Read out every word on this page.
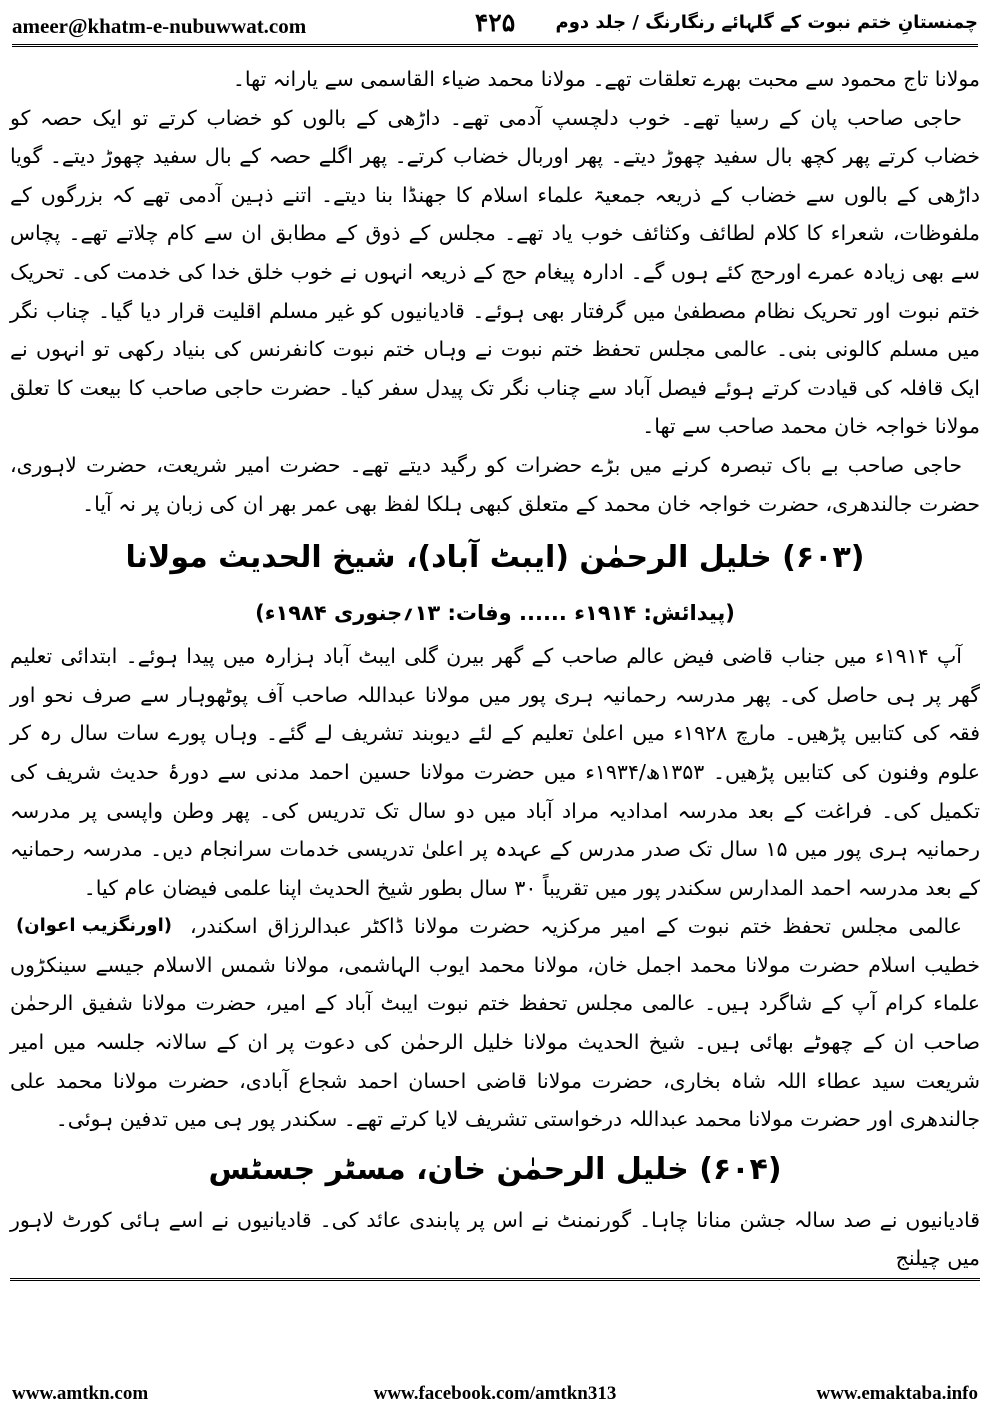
ameer@khatm-e-nubuwwat.com	۴۲۵	چمنستانِ ختم نبوت کے گلہائے رنگارنگ / جلد دوم

مولانا تاج محمود سے محبت بھرے تعلقات تھے۔ مولانا محمد ضیاء القاسمی سے یارانہ تھا۔

حاجی صاحب پان کے رسیا تھے۔ خوب دلچسپ آدمی تھے۔ داڑھی کے بالوں کو خضاب کرتے تو ایک حصہ کو خضاب کرتے پھر کچھ بال سفید چھوڑ دیتے۔ پھر اوربال خضاب کرتے۔ پھر اگلے حصہ کے بال سفید چھوڑ دیتے۔ گویا داڑھی کے بالوں سے خضاب کے ذریعہ جمعیۃ علماء اسلام کا جھنڈا بنا دیتے۔ اتنے ذہین آدمی تھے کہ بزرگوں کے ملفوظات، شعراء کا کلام لطائف وکثائف خوب یاد تھے۔ مجلس کے ذوق کے مطابق ان سے کام چلاتے تھے۔ پچاس سے بھی زیادہ عمرے اورحج کئے ہوں گے۔ ادارہ پیغام حج کے ذریعہ انہوں نے خوب خلق خدا کی خدمت کی۔ تحریک ختم نبوت اور تحریک نظام مصطفیٰ میں گرفتار بھی ہوئے۔ قادیانیوں کو غیر مسلم اقلیت قرار دیا گیا۔ چناب نگر میں مسلم کالونی بنی۔ عالمی مجلس تحفظ ختم نبوت نے وہاں ختم نبوت کانفرنس کی بنیاد رکھی تو انہوں نے ایک قافلہ کی قیادت کرتے ہوئے فیصل آباد سے چناب نگر تک پیدل سفر کیا۔ حضرت حاجی صاحب کا بیعت کا تعلق مولانا خواجہ خان محمد صاحب سے تھا۔

حاجی صاحب بے باک تبصرہ کرنے میں بڑے حضرات کو رگید دیتے تھے۔ حضرت امیر شریعت، حضرت لاہوری، حضرت جالندھری، حضرت خواجہ خان محمد کے متعلق کبھی ہلکا لفظ بھی عمر بھر ان کی زبان پر نہ آیا۔

(۶۰۳) خلیل الرحمٰن (ایبٹ آباد)، شیخ الحدیث مولانا
(پیدائش: ۱۹۱۴ء ...... وفات: ۱۳؍جنوری ۱۹۸۴ء)

آپ ۱۹۱۴ء میں جناب قاضی فیض عالم صاحب کے گھر بیرن گلی ایبٹ آباد ہزارہ میں پیدا ہوئے۔ ابتدائی تعلیم گھر پر ہی حاصل کی۔ پھر مدرسہ رحمانیہ ہری پور میں مولانا عبداللہ صاحب آف پوٹھوہار سے صرف نحو اور فقہ کی کتابیں پڑھیں۔ مارچ ۱۹۲۸ء میں اعلیٰ تعلیم کے لئے دیوبند تشریف لے گئے۔ وہاں پورے سات سال رہ کر علوم وفنون کی کتابیں پڑھیں۔ ۱۳۵۳ھ/۱۹۳۴ء میں حضرت مولانا حسین احمد مدنی سے دورۂ حدیث شریف کی تکمیل کی۔ فراغت کے بعد مدرسہ امدادیہ مراد آباد میں دو سال تک تدریس کی۔ پھر وطن واپسی پر مدرسہ رحمانیہ ہری پور میں ۱۵ سال تک صدر مدرس کے عہدہ پر اعلیٰ تدریسی خدمات سرانجام دیں۔ مدرسہ رحمانیہ کے بعد مدرسہ احمد المدارس سکندر پور میں تقریباً ۳۰ سال بطور شیخ الحدیث اپنا علمی فیضان عام کیا۔

(اورنگزیب اعوان) عالمی مجلس تحفظ ختم نبوت کے امیر مرکزیہ حضرت مولانا ڈاکٹر عبدالرزاق اسکندر، خطیب اسلام حضرت مولانا محمد اجمل خان، مولانا محمد ایوب الہاشمی، مولانا شمس الاسلام جیسے سینکڑوں علماء کرام آپ کے شاگرد ہیں۔ عالمی مجلس تحفظ ختم نبوت ایبٹ آباد کے امیر، حضرت مولانا شفیق الرحمٰن صاحب ان کے چھوٹے بھائی ہیں۔ شیخ الحدیث مولانا خلیل الرحمٰن کی دعوت پر ان کے سالانہ جلسہ میں امیر شریعت سید عطاء اللہ شاہ بخاری، حضرت مولانا قاضی احسان احمد شجاع آبادی، حضرت مولانا محمد علی جالندھری اور حضرت مولانا محمد عبداللہ درخواستی تشریف لایا کرتے تھے۔ سکندر پور ہی میں تدفین ہوئی۔

(۶۰۴) خلیل الرحمٰن خان، مسٹر جسٹس

قادیانیوں نے صد سالہ جشن منانا چاہا۔ گورنمنٹ نے اس پر پابندی عائد کی۔ قادیانیوں نے اسے ہائی کورٹ لاہور میں چیلنج

www.amtkn.com	www.facebook.com/amtkn313	www.emaktaba.info
